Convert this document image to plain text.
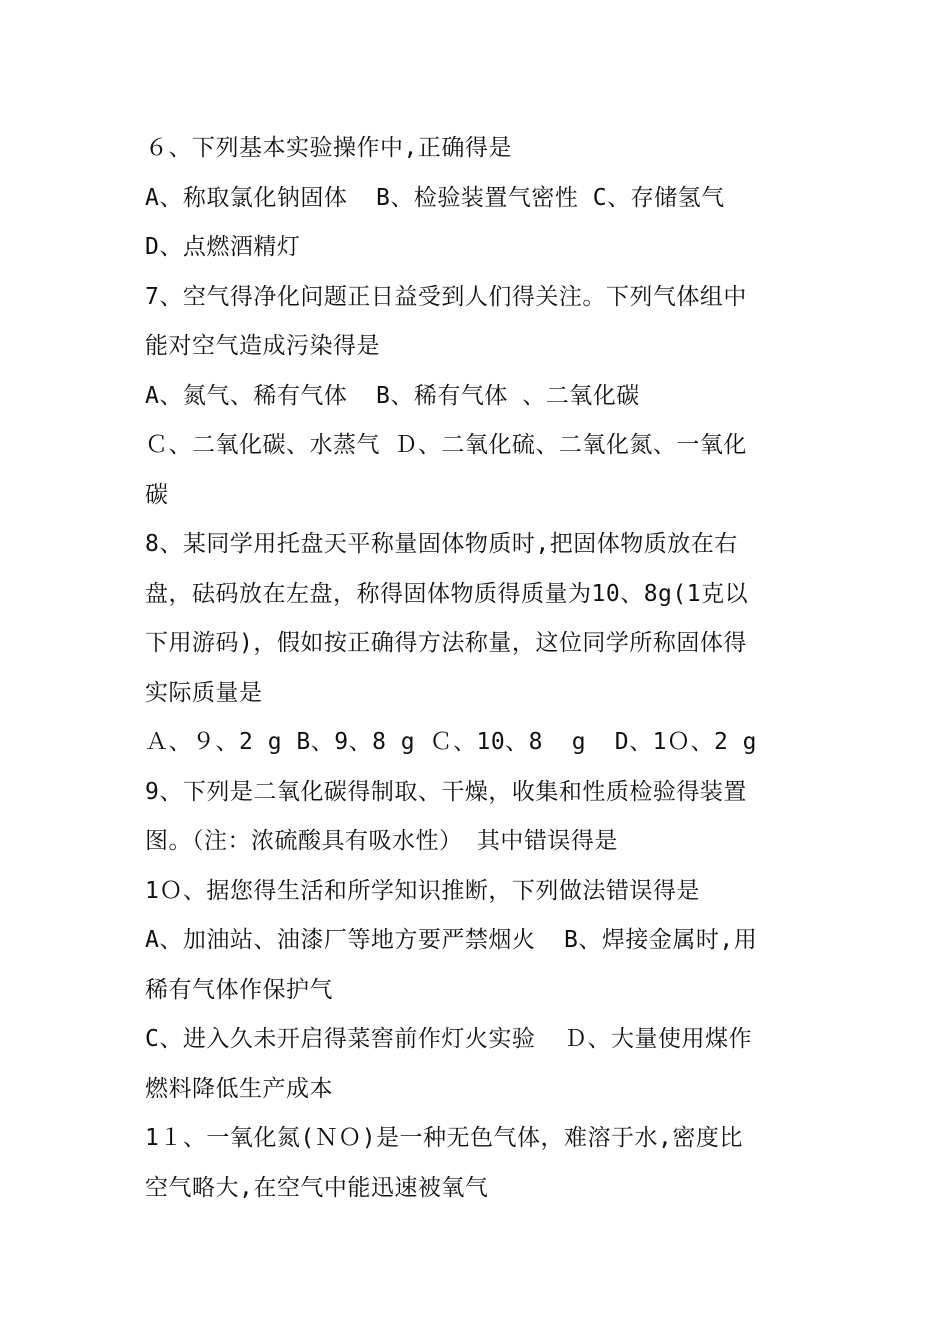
６、下列基本实验操作中,正确得是
A、称取氯化钠固体  B、检验装置气密性 C、存储氢气
D、点燃酒精灯
7、空气得净化问题正日益受到人们得关注。下列气体组中
能对空气造成污染得是
A、氮气、稀有气体  B、稀有气体 、二氧化碳
Ｃ、二氧化碳、水蒸气 Ｄ、二氧化硫、二氧化氮、一氧化
碳
8、某同学用托盘天平称量固体物质时,把固体物质放在右
盘，砝码放在左盘，称得固体物质得质量为10、8g(1克以
下用游码)，假如按正确得方法称量，这位同学所称固体得
实际质量是
Ａ、９、2 g B、9、8 g Ｃ、10、8  g  D、1Ｏ、2 g
9、下列是二氧化碳得制取、干燥，收集和性质检验得装置
图。（注：浓硫酸具有吸水性） 其中错误得是
1Ｏ、据您得生活和所学知识推断，下列做法错误得是
A、加油站、油漆厂等地方要严禁烟火  B、焊接金属时,用
稀有气体作保护气
C、进入久未开启得菜窖前作灯火实验  Ｄ、大量使用煤作
燃料降低生产成本
1１、一氧化氮(ＮＯ)是一种无色气体，难溶于水,密度比
空气略大,在空气中能迅速被氧气
